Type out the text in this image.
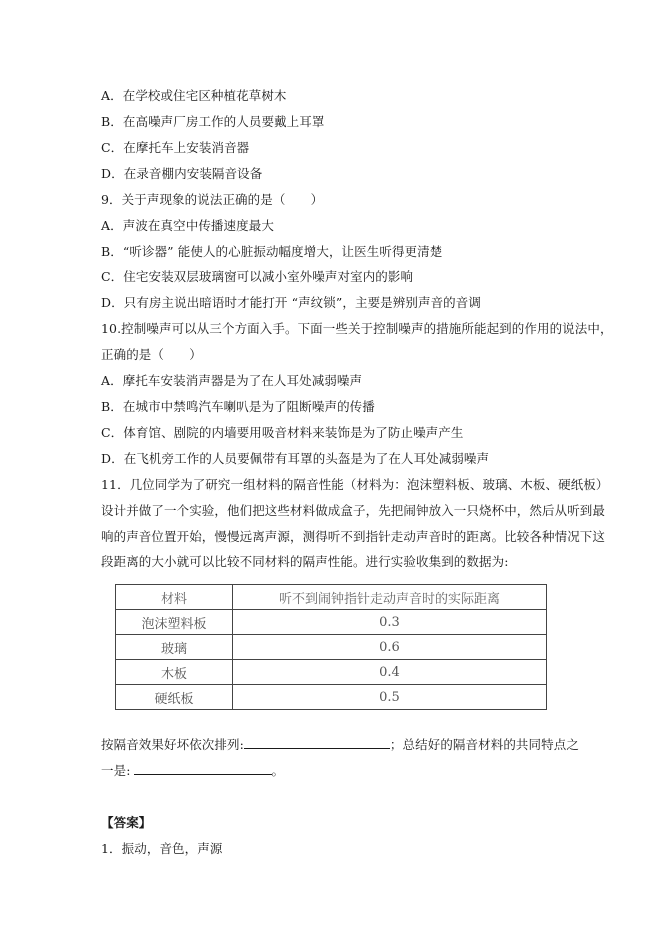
A．在学校或住宅区种植花草树木
B．在高噪声厂房工作的人员要戴上耳罩
C．在摩托车上安装消音器
D．在录音棚内安装隔音设备
9．关于声现象的说法正确的是（　　）
A．声波在真空中传播速度最大
B．“听诊器” 能使人的心脏振动幅度增大，让医生听得更清楚
C．住宅安装双层玻璃窗可以减小室外噪声对室内的影响
D．只有房主说出暗语时才能打开 “声纹锁”，主要是辨别声音的音调
10.控制噪声可以从三个方面入手。下面一些关于控制噪声的措施所能起到的作用的说法中，
正确的是（　　）
A．摩托车安装消声器是为了在人耳处减弱噪声
B．在城市中禁鸣汽车喇叭是为了阻断噪声的传播
C．体育馆、剧院的内墙要用吸音材料来装饰是为了防止噪声产生
D．在飞机旁工作的人员要佩带有耳罩的头盔是为了在人耳处减弱噪声
11．几位同学为了研究一组材料的隔音性能（材料为：泡沫塑料板、玻璃、木板、硬纸板）
设计并做了一个实验，他们把这些材料做成盒子，先把闹钟放入一只烧杯中，然后从听到最
响的声音位置开始，慢慢远离声源，测得听不到指针走动声音时的距离。比较各种情况下这
段距离的大小就可以比较不同材料的隔声性能。进行实验收集到的数据为:
材料	听不到闹钟指针走动声音时的实际距离
泡沫塑料板	0.3
玻璃	0.6
木板	0.4
硬纸板	0.5
按隔音效果好坏依次排列:	；总结好的隔音材料的共同特点之
一是:	。
【答案】
1．振动，音色，声源
